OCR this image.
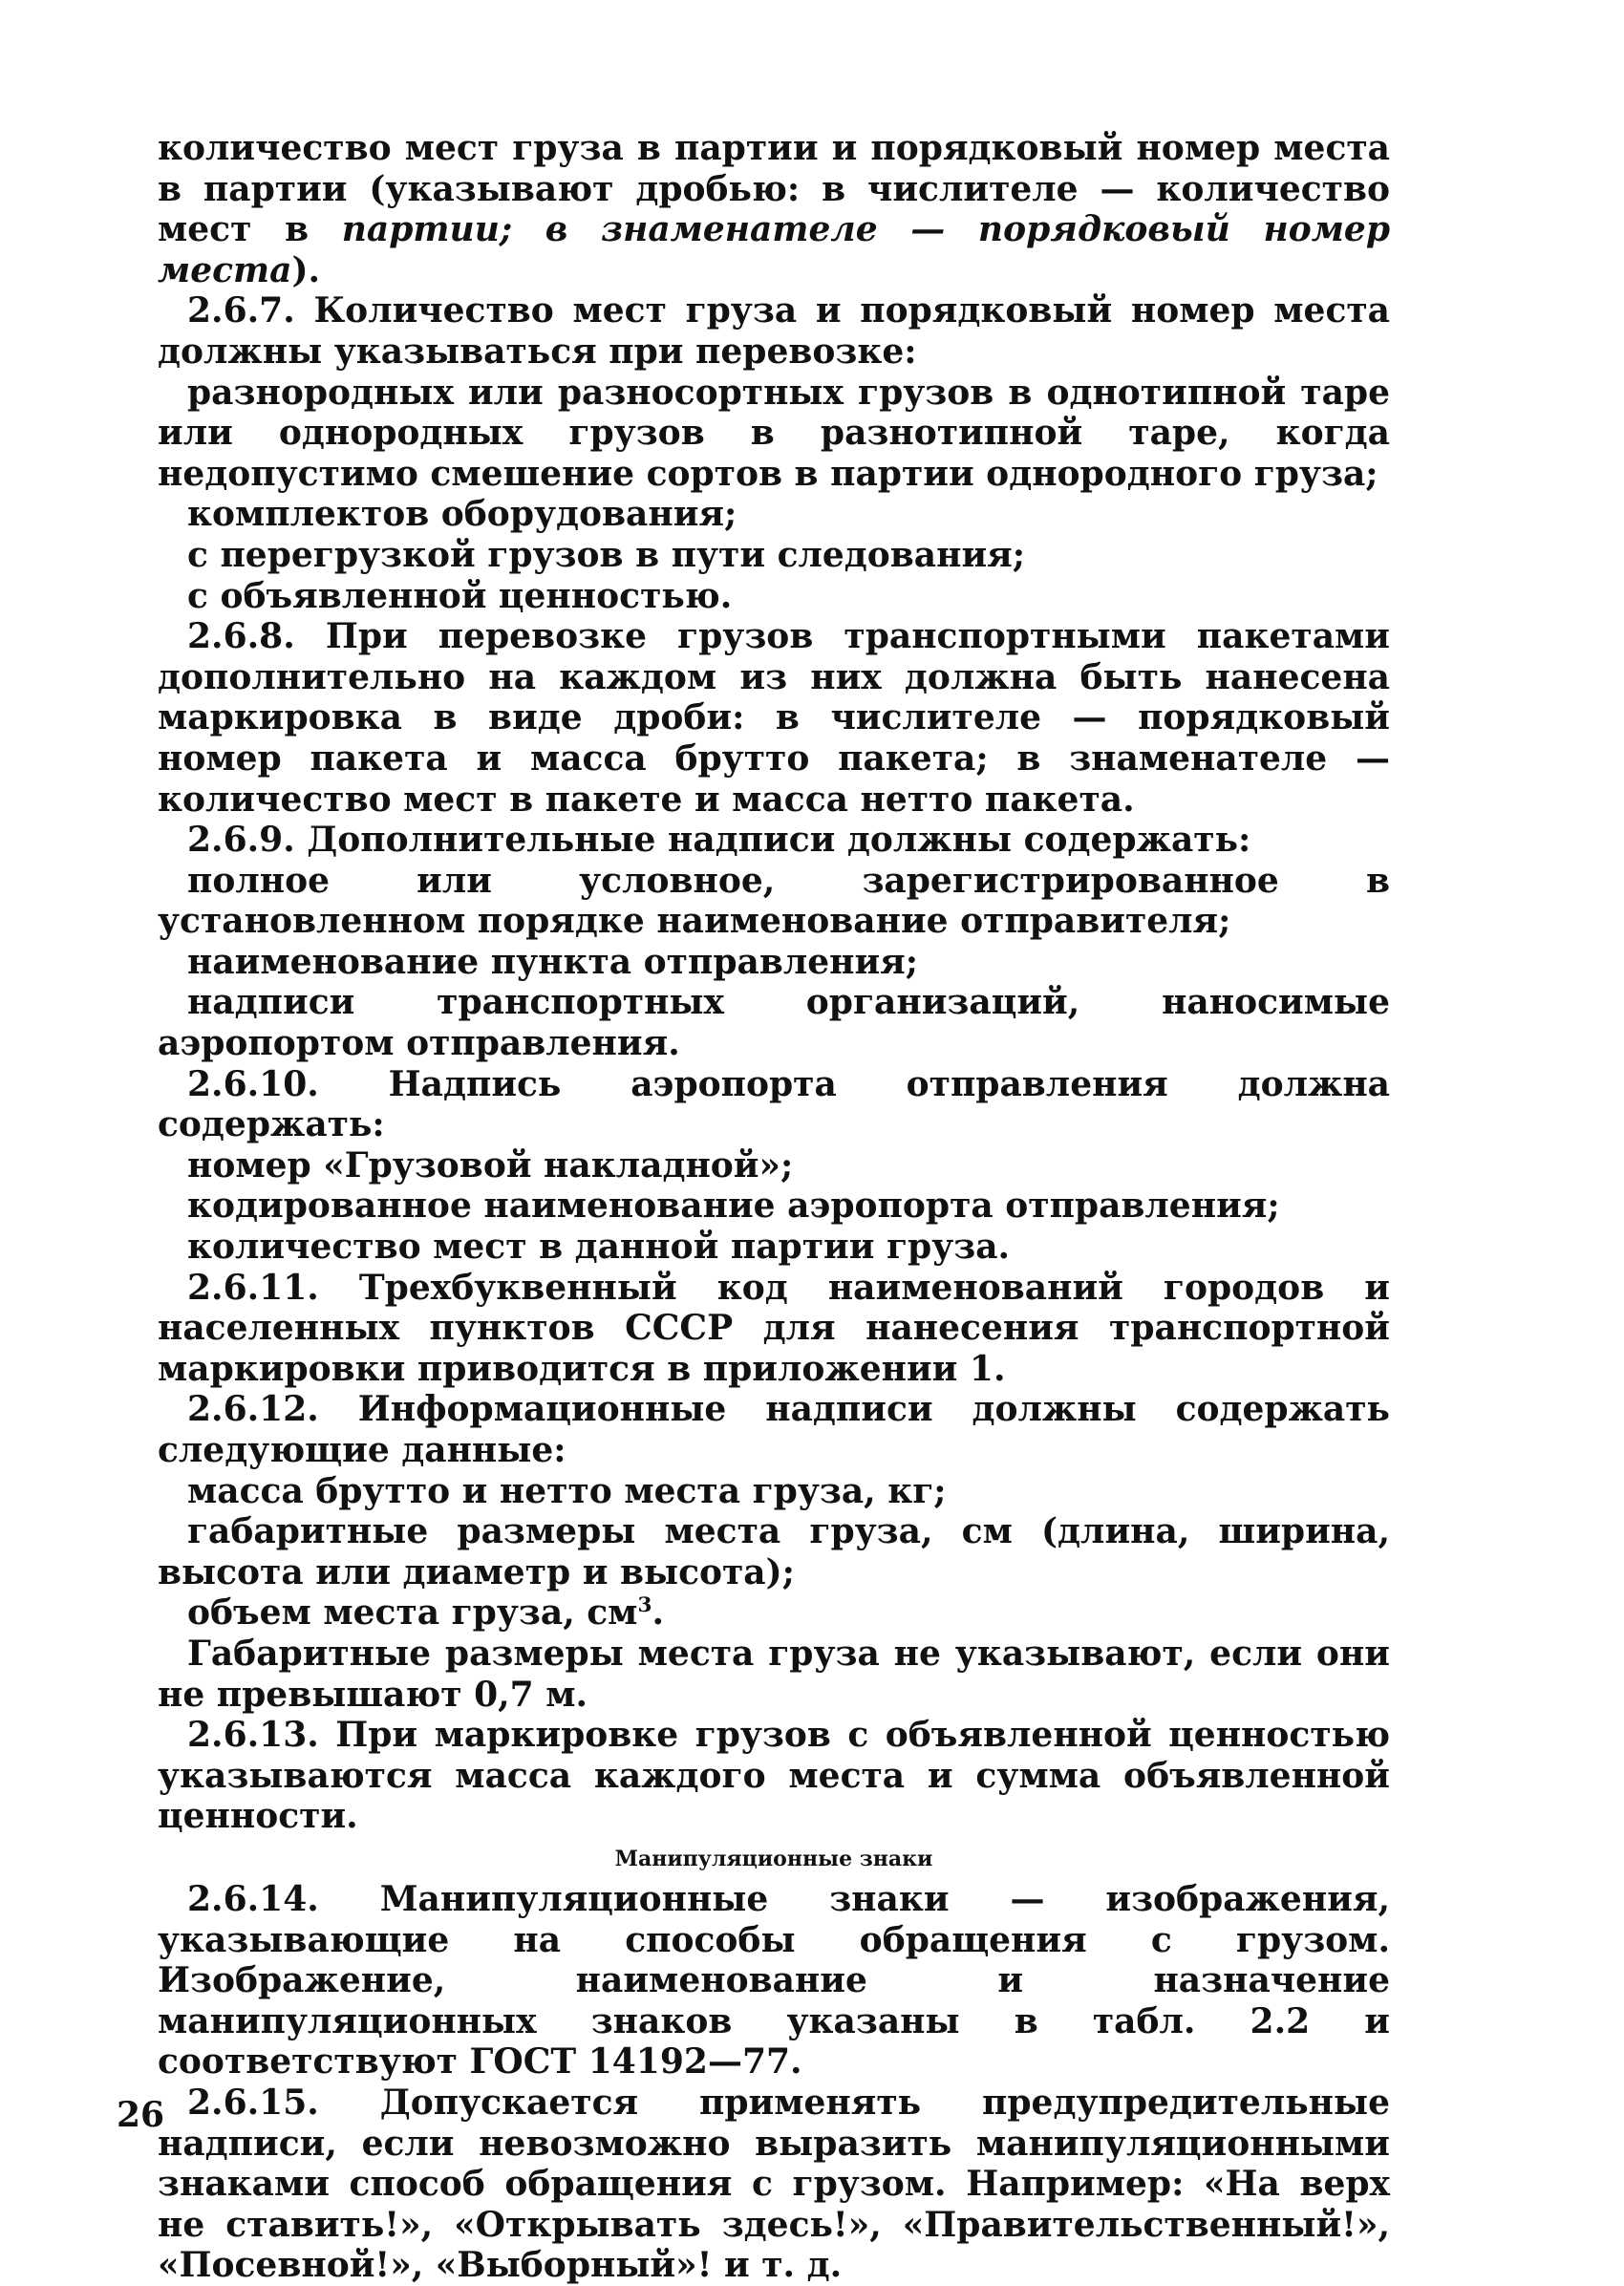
количество мест груза в партии и порядковый номер места в партии (указывают дробью: в числителе — количество мест в партии; в знаменателе — порядковый номер места).

2.6.7. Количество мест груза и порядковый номер места должны указываться при перевозке:

разнородных или разносортных грузов в однотипной таре или однородных грузов в разнотипной таре, когда недопустимо смешение сортов в партии однородного груза;

комплектов оборудования;

с перегрузкой грузов в пути следования;

с объявленной ценностью.

2.6.8. При перевозке грузов транспортными пакетами дополнительно на каждом из них должна быть нанесена маркировка в виде дроби: в числителе — порядковый номер пакета и масса брутто пакета; в знаменателе — количество мест в пакете и масса нетто пакета.

2.6.9. Дополнительные надписи должны содержать:

полное или условное, зарегистрированное в установленном порядке наименование отправителя;

наименование пункта отправления;

надписи транспортных организаций, наносимые аэропортом отправления.

2.6.10. Надпись аэропорта отправления должна содержать:

номер «Грузовой накладной»;

кодированное наименование аэропорта отправления;

количество мест в данной партии груза.

2.6.11. Трехбуквенный код наименований городов и населенных пунктов СССР для нанесения транспортной маркировки приводится в приложении 1.

2.6.12. Информационные надписи должны содержать следующие данные:

масса брутто и нетто места груза, кг;

габаритные размеры места груза, см (длина, ширина, высота или диаметр и высота);

объем места груза, $см^3$.

Габаритные размеры места груза не указывают, если они не превышают 0,7 м.

2.6.13. При маркировке грузов с объявленной ценностью указываются масса каждого места и сумма объявленной ценности.

Манипуляционные знаки

2.6.14. Манипуляционные знаки — изображения, указывающие на способы обращения с грузом. Изображение, наименование и назначение манипуляционных знаков указаны в табл. 2.2 и соответствуют ГОСТ 14192—77.

2.6.15. Допускается применять предупредительные надписи, если невозможно выразить манипуляционными знаками способ обращения с грузом. Например: «На верх не ставить!», «Открывать здесь!», «Правительственный!», «Посевной!», «Выборный»! и т. д.

26
